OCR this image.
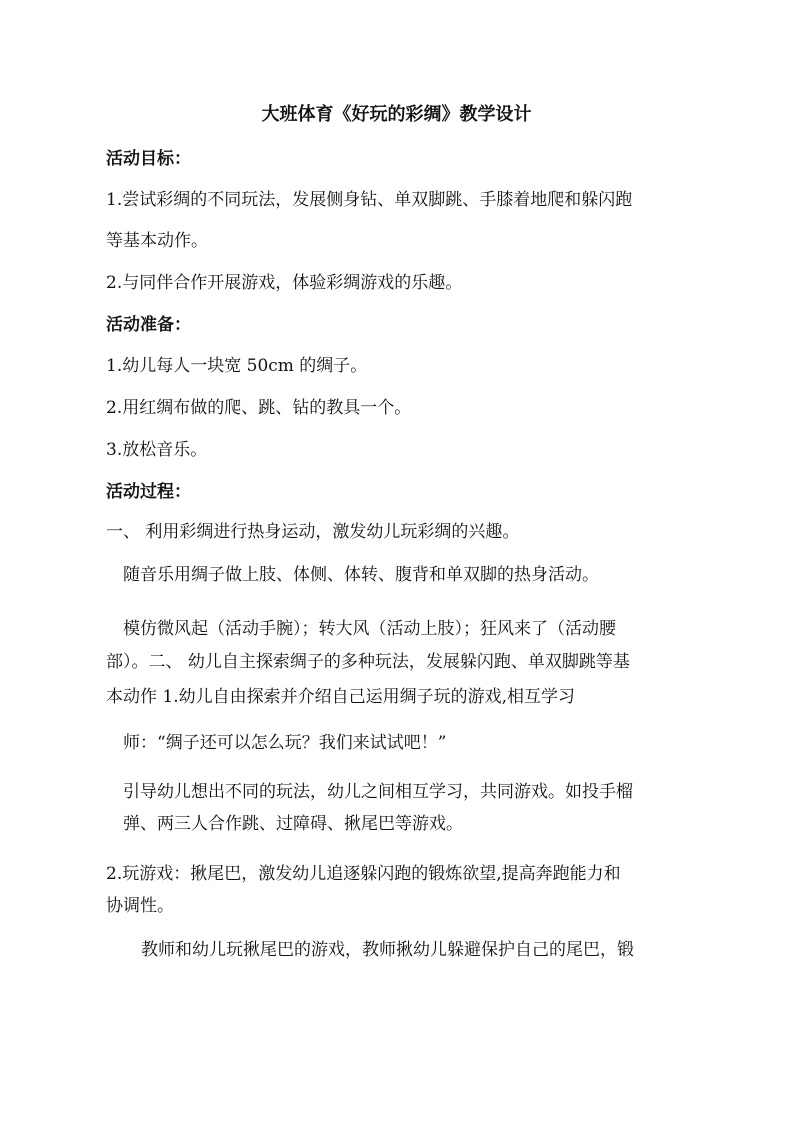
大班体育《好玩的彩绸》教学设计
活动目标：
1.尝试彩绸的不同玩法，发展侧身钻、单双脚跳、手膝着地爬和躲闪跑
等基本动作。
2.与同伴合作开展游戏，体验彩绸游戏的乐趣。
活动准备：
1.幼儿每人一块宽 50cm 的绸子。
2.用红绸布做的爬、跳、钻的教具一个。
3.放松音乐。
活动过程：
一、 利用彩绸进行热身运动，激发幼儿玩彩绸的兴趣。
随音乐用绸子做上肢、体侧、体转、腹背和单双脚的热身活动。
模仿微风起（活动手腕）；转大风（活动上肢）；狂风来了（活动腰
部）。二、 幼儿自主探索绸子的多种玩法，发展躲闪跑、单双脚跳等基
本动作 1.幼儿自由探索并介绍自己运用绸子玩的游戏,相互学习
师：“绸子还可以怎么玩？我们来试试吧！”
引导幼儿想出不同的玩法，幼儿之间相互学习，共同游戏。如投手榴
弹、两三人合作跳、过障碍、揪尾巴等游戏。
2.玩游戏：揪尾巴，激发幼儿追逐躲闪跑的锻炼欲望,提高奔跑能力和
协调性。
教师和幼儿玩揪尾巴的游戏，教师揪幼儿躲避保护自己的尾巴，锻
